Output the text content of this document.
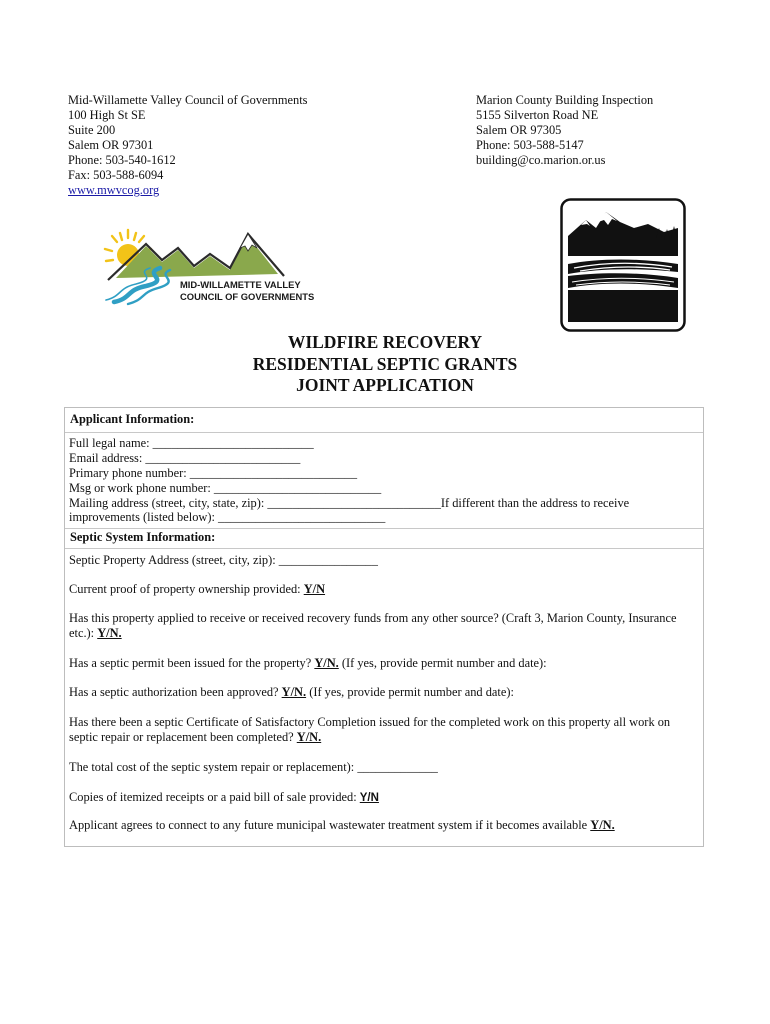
Mid-Willamette Valley Council of Governments
100 High St SE
Suite 200
Salem OR 97301
Phone: 503-540-1612
Fax: 503-588-6094
www.mwvcog.org
Marion County Building Inspection
5155 Silverton Road NE
Salem OR 97305
Phone: 503-588-5147
building@co.marion.or.us
MID-WILLAMETTE VALLEY
COUNCIL OF GOVERNMENTS
WILDFIRE RECOVERY
RESIDENTIAL SEPTIC GRANTS
JOINT APPLICATION
Applicant Information:
Full legal name: __________________________
Email address: _________________________
Primary phone number: ___________________________
Msg or work phone number: ___________________________
Mailing address (street, city, state, zip): ____________________________If different than the address to receive
improvements (listed below): ___________________________
Septic System Information:
Septic Property Address (street, city, zip): ________________
Current proof of property ownership provided: Y/N
Has this property applied to receive or received recovery funds from any other source? (Craft 3, Marion County, Insurance etc.): Y/N.
Has a septic permit been issued for the property? Y/N. (If yes, provide permit number and date):
Has a septic authorization been approved? Y/N. (If yes, provide permit number and date):
Has there been a septic Certificate of Satisfactory Completion issued for the completed work on this property all work on septic repair or replacement been completed? Y/N.
The total cost of the septic system repair or replacement): _____________
Copies of itemized receipts or a paid bill of sale provided: Y/N
Applicant agrees to connect to any future municipal wastewater treatment system if it becomes available Y/N.
